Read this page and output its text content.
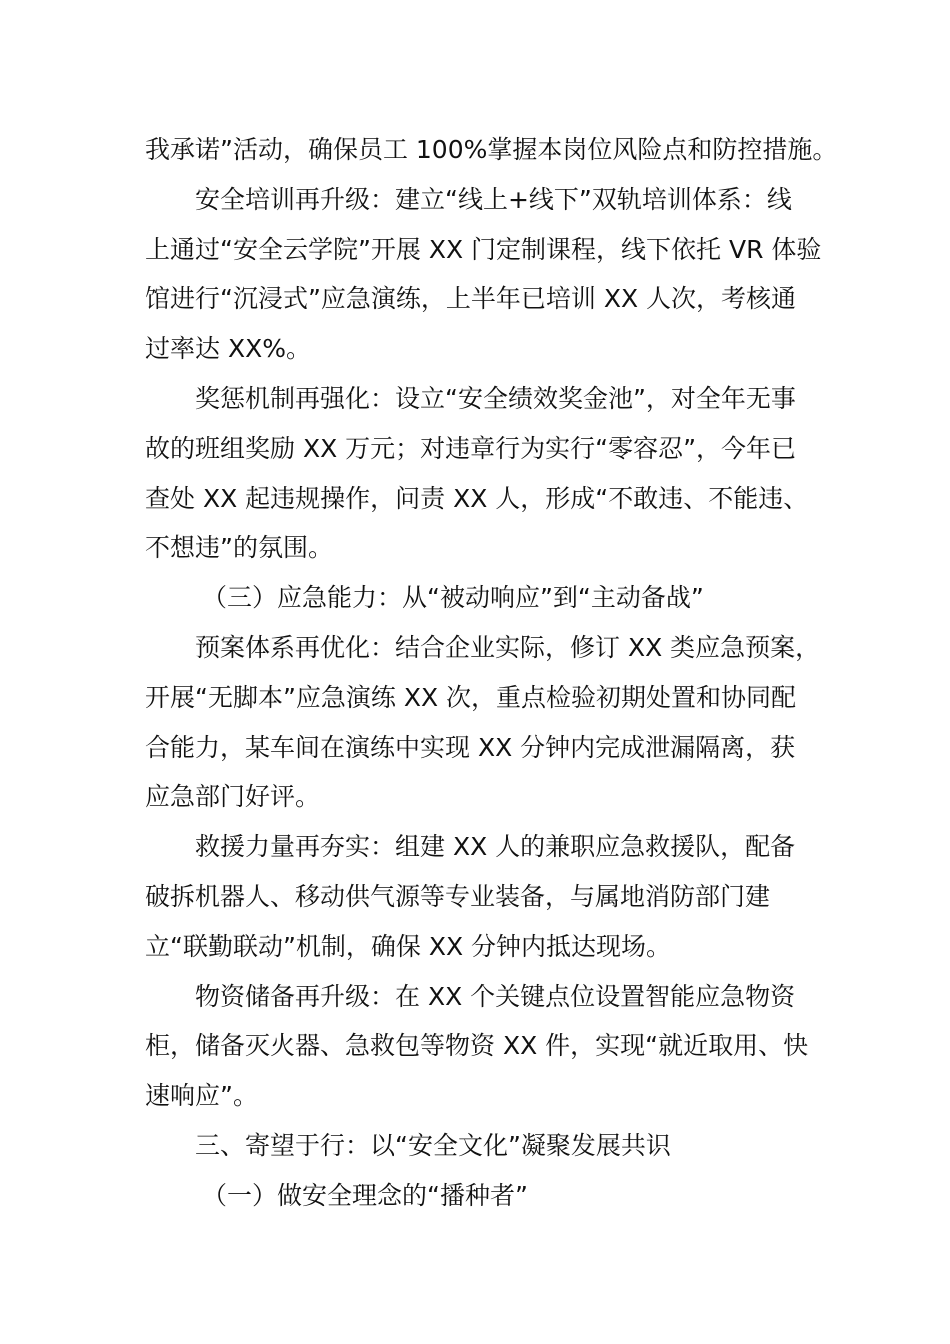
我承诺”活动，确保员工 100%掌握本岗位风险点和防控措施。
安全培训再升级：建立“线上+线下”双轨培训体系：线
上通过“安全云学院”开展 XX 门定制课程，线下依托 VR 体验
馆进行“沉浸式”应急演练，上半年已培训 XX 人次，考核通
过率达 XX%。
奖惩机制再强化：设立“安全绩效奖金池”，对全年无事
故的班组奖励 XX 万元；对违章行为实行“零容忍”，今年已
查处 XX 起违规操作，问责 XX 人，形成“不敢违、不能违、
不想违”的氛围。
（三）应急能力：从“被动响应”到“主动备战”
预案体系再优化：结合企业实际，修订 XX 类应急预案，
开展“无脚本”应急演练 XX 次，重点检验初期处置和协同配
合能力，某车间在演练中实现 XX 分钟内完成泄漏隔离，获
应急部门好评。
救援力量再夯实：组建 XX 人的兼职应急救援队，配备
破拆机器人、移动供气源等专业装备，与属地消防部门建
立“联勤联动”机制，确保 XX 分钟内抵达现场。
物资储备再升级：在 XX 个关键点位设置智能应急物资
柜，储备灭火器、急救包等物资 XX 件，实现“就近取用、快
速响应”。
三、寄望于行：以“安全文化”凝聚发展共识
（一）做安全理念的“播种者”
